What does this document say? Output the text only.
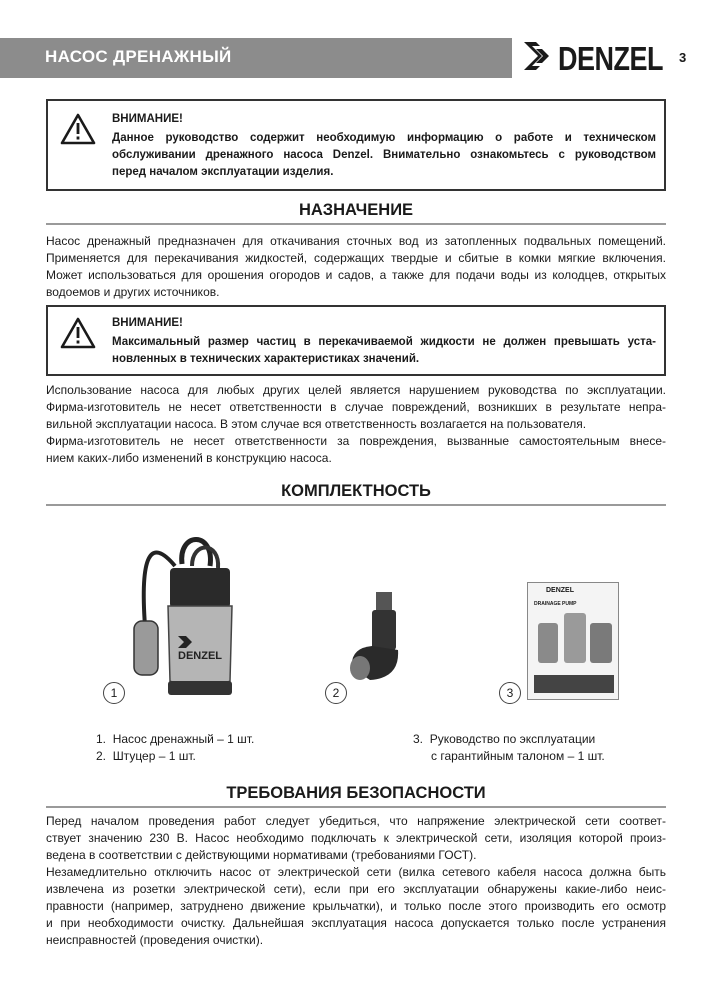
НАСОС ДРЕНАЖНЫЙ	DENZEL 3
ВНИМАНИЕ!
Данное руководство содержит необходимую информацию о работе и техническом
обслуживании дренажного насоса Denzel. Внимательно ознакомьтесь с руководством
перед началом эксплуатации изделия.
НАЗНАЧЕНИЕ
Насос дренажный предназначен для откачивания сточных вод из затопленных подвальных помещений.
Применяется для перекачивания жидкостей, содержащих твердые и сбитые в комки мягкие включения.
Может использоваться для орошения огородов и садов, а также для подачи воды из колодцев, открытых
водоемов и других источников.
ВНИМАНИЕ!
Максимальный размер частиц в перекачиваемой жидкости не должен превышать уста-
новленных в технических характеристиках значений.
Использование насоса для любых других целей является нарушением руководства по эксплуатации.
Фирма-изготовитель не несет ответственности в случае повреждений, возникших в результате непра-
вильной эксплуатации насоса. В этом случае вся ответственность возлагается на пользователя.
Фирма-изготовитель не несет ответственности за повреждения, вызванные самостоятельным внесе-
нием каких-либо изменений в конструкцию насоса.
КОМПЛЕКТНОСТЬ
DENZEL
DENZEL
DRAINAGE PUMP
1	2	3
1. Насос дренажный – 1 шт.
2. Штуцер – 1 шт.
3. Руководство по эксплуатации
с гарантийным талоном – 1 шт.
ТРЕБОВАНИЯ БЕЗОПАСНОСТИ
Перед началом проведения работ следует убедиться, что напряжение электрической сети соответ-
ствует значению 230 В. Насос необходимо подключать к электрической сети, изоляция которой произ-
ведена в соответствии с действующими нормативами (требованиями ГОСТ).
Незамедлительно отключить насос от электрической сети (вилка сетевого кабеля насоса должна быть
извлечена из розетки электрической сети), если при его эксплуатации обнаружены какие-либо неис-
правности (например, затруднено движение крыльчатки), и только после этого производить его осмотр
и при необходимости очистку. Дальнейшая эксплуатация насоса допускается только после устранения
неисправностей (проведения очистки).
